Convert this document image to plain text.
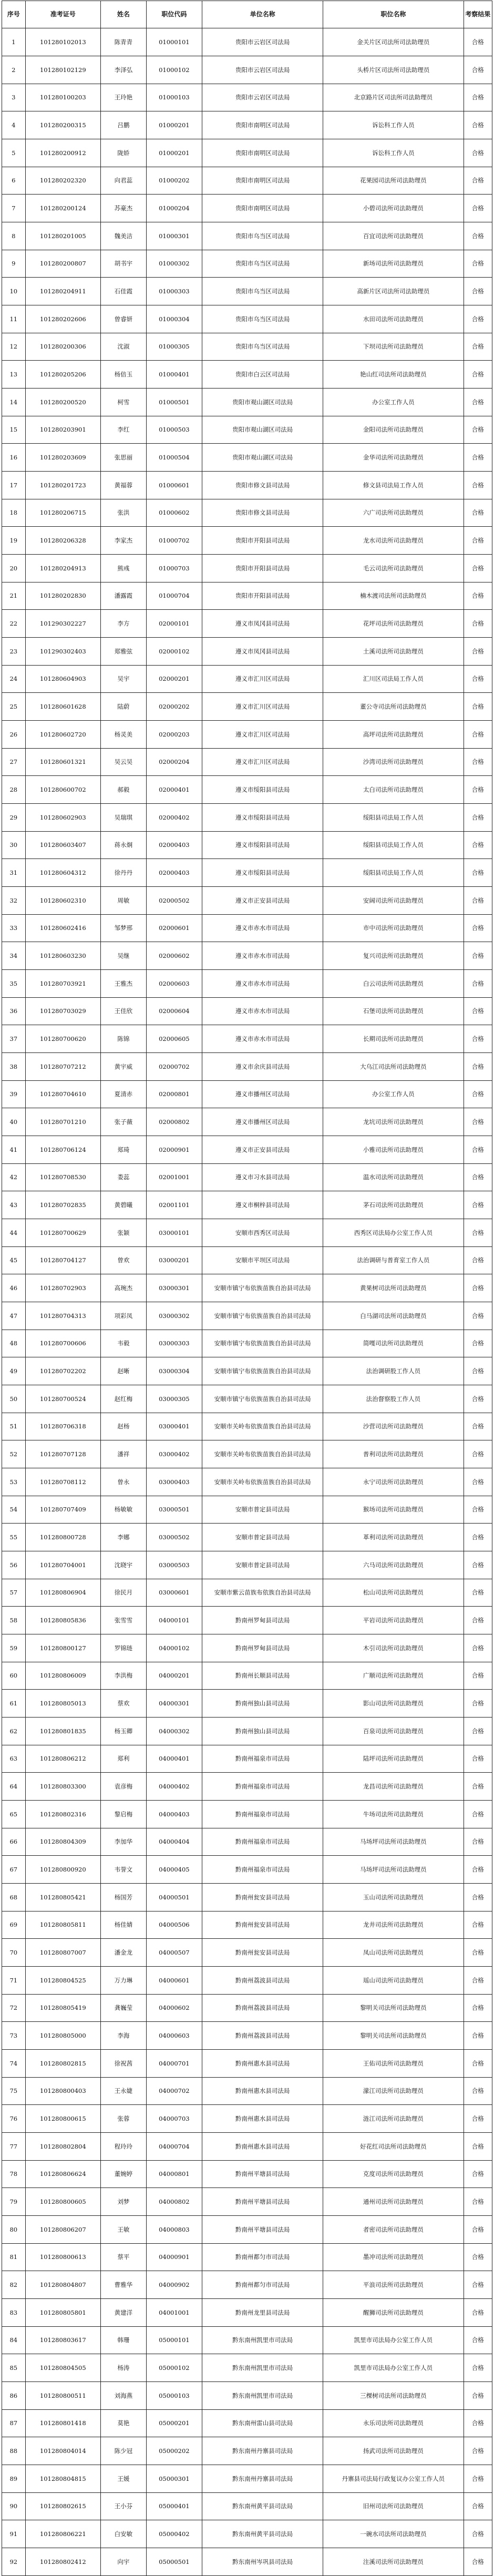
序号	准考证号	姓名	职位代码	单位名称	职位名称	考察结果
1	101280102013	陈青青	01000101	贵阳市云岩区司法局	金关片区司法所司法助理员	合格
2	101280102129	李泽弘	01000102	贵阳市云岩区司法局	头桥片区司法所司法助理员	合格
3	101280100203	王玲艳	01000103	贵阳市云岩区司法局	北京路片区司法所司法助理员	合格
4	101280200315	吕鹏	01000201	贵阳市南明区司法局	诉讼科工作人员	合格
5	101280200912	陇娇	01000201	贵阳市南明区司法局	诉讼科工作人员	合格
6	101280202320	向君蕊	01000202	贵阳市南明区司法局	花果园司法所司法助理员	合格
7	101280200124	苏豪杰	01000204	贵阳市南明区司法局	小碧司法所司法助理员	合格
8	101280201005	魏美洁	01000301	贵阳市乌当区司法局	百宜司法所司法助理员	合格
9	101280200807	胡书宇	01000302	贵阳市乌当区司法局	新场司法所司法助理员	合格
10	101280204911	石佳霞	01000303	贵阳市乌当区司法局	高新片区司法所司法助理员	合格
11	101280202606	曾睿妍	01000304	贵阳市乌当区司法局	水田司法所司法助理员	合格
12	101280200306	沈淑	01000305	贵阳市乌当区司法局	下坝司法所司法助理员	合格
13	101280205206	杨倍玉	01000401	贵阳市白云区司法局	艳山红司法所司法助理员	合格
14	101280200520	柯雪	01000501	贵阳市观山湖区司法局	办公室工作人员	合格
15	101280203901	李红	01000503	贵阳市观山湖区司法局	金阳司法所司法助理员	合格
16	101280203609	张思丽	01000504	贵阳市观山湖区司法局	金华司法所司法助理员	合格
17	101280201723	黄福蓉	01000601	贵阳市修文县司法局	修文县司法局工作人员	合格
18	101280206715	张洪	01000602	贵阳市修文县司法局	六广司法所司法助理员	合格
19	101280206328	李家杰	01000702	贵阳市开阳县司法局	龙水司法所司法助理员	合格
20	101280204913	熊彧	01000703	贵阳市开阳县司法局	毛云司法所司法助理员	合格
21	101280202830	潘露霞	01000704	贵阳市开阳县司法局	楠木渡司法所司法助理员	合格
22	101290302227	李方	02000101	遵义市凤冈县司法局	花坪司法所司法助理员	合格
23	101290302403	郑雅弦	02000102	遵义市凤冈县司法局	土溪司法所司法助理员	合格
24	101280604903	吴宇	02000201	遵义市汇川区司法局	汇川区司法局工作人员	合格
25	101280601628	陆蔚	02000202	遵义市汇川区司法局	董公寺司法所司法助理员	合格
26	101280602720	杨灵美	02000203	遵义市汇川区司法局	高坪司法所司法助理员	合格
27	101280601321	吴云吴	02000204	遵义市汇川区司法局	沙湾司法所司法助理员	合格
28	101280600702	郝毅	02000401	遵义市绥阳县司法局	太白司法所司法助理员	合格
29	101280602903	吴瑞琪	02000402	遵义市绥阳县司法局	绥阳县司法局工作人员	合格
30	101280603407	蒋永炯	02000403	遵义市绥阳县司法局	绥阳县司法局工作人员	合格
31	101280604312	徐丹丹	02000403	遵义市绥阳县司法局	绥阳县司法局工作人员	合格
32	101280602310	周敏	02000502	遵义市正安县司法局	安阔司法所司法助理员	合格
33	101280602416	邹梦邢	02000601	遵义市赤水市司法局	市中司法所司法助理员	合格
34	101280603230	吴继	02000602	遵义市赤水市司法局	复兴司法所司法助理员	合格
35	101280703921	王雅杰	02000603	遵义市赤水市司法局	白云司法所司法助理员	合格
36	101280703029	王佳欣	02000604	遵义市赤水市司法局	石堡司法所司法助理员	合格
37	101280700620	陈锦	02000605	遵义市赤水市司法局	长期司法所司法助理员	合格
38	101280707212	黄宇威	02000702	遵义市余庆县司法局	大乌江司法所司法助理员	合格
39	101280704610	夏清赤	02000801	遵义市播州区司法局	办公室工作人员	合格
40	101280701210	张子薇	02000802	遵义市播州区司法局	龙坑司法所司法助理员	合格
41	101280706124	郑琦	02000901	遵义市正安县司法局	小雅司法所司法助理员	合格
42	101280708530	娄蕊	02001001	遵义市习水县司法局	温水司法所司法助理员	合格
43	101280702835	黄碧曦	02001101	遵义市桐梓县司法局	茅石司法所司法助理员	合格
44	101280700629	张颖	03000101	安顺市西秀区司法局	西秀区司法局办公室工作人员	合格
45	101280704127	曾欢	03000201	安顺市平坝区司法局	法治调研与普育室工作人员	合格
46	101280702903	高琬杰	03000301	安顺市镇宁布依族苗族自治县司法局	黄果树司法所司法助理员	合格
47	101280704313	项彩凤	03000302	安顺市镇宁布依族苗族自治县司法局	白马湖司法所司法助理员	合格
48	101280700606	韦毅	03000303	安顺市镇宁布依族苗族自治县司法局	简嘎司法所司法助理员	合格
49	101280702202	赵晰	03000304	安顺市镇宁布依族苗族自治县司法局	法治调研股工作人员	合格
50	101280700524	赵红梅	03000305	安顺市镇宁布依族苗族自治县司法局	法治督察股工作人员	合格
51	101280706318	赵杨	03000401	安顺市关岭布依族苗族自治县司法局	沙营司法所司法助理员	合格
52	101280707128	潘祥	03000402	安顺市关岭布依族苗族自治县司法局	普利司法所司法助理员	合格
53	101280708112	曾永	03000403	安顺市关岭布依族苗族自治县司法局	永宁司法所司法助理员	合格
54	101280707409	杨敏敏	03000501	安顺市普定县司法局	猴场司法所司法助理员	合格
55	101280800728	李娜	03000502	安顺市普定县司法局	革利司法所司法助理员	合格
56	101280704001	沈晓宇	03000503	安顺市普定县司法局	六马司法所司法助理员	合格
57	101280806904	徐民月	03000601	安顺市紫云苗族布依族自治县司法局	松山司法所司法助理员	合格
58	101280805836	张雪雪	04000101	黔南州罗甸县司法局	平岩司法所司法助理员	合格
59	101280800127	罗锦琏	04000102	黔南州罗甸县司法局	木引司法所司法助理员	合格
60	101280806009	李洪梅	04000201	黔南州长顺县司法局	广顺司法所司法助理员	合格
61	101280805013	蔡欢	04000301	黔南州独山县司法局	影山司法所司法助理员	合格
62	101280801835	杨玉卿	04000302	黔南州独山县司法局	百泉司法所司法助理员	合格
63	101280806212	郑利	04000401	黔南州福泉市司法局	陆坪司法所司法助理员	合格
64	101280803300	袁彦梅	04000402	黔南州福泉市司法局	龙昌司法所司法助理员	合格
65	101280802316	黎启梅	04000403	黔南州福泉市司法局	牛场司法所司法助理员	合格
66	101280804309	李加华	04000404	黔南州福泉市司法局	马场坪司法所司法助理员	合格
67	101280800920	韦誉文	04000405	黔南州福泉市司法局	马场坪司法所司法助理员	合格
68	101280805421	杨国芳	04000501	黔南州瓮安县司法局	玉山司法所司法助理员	合格
69	101280805811	杨佳婧	04000506	黔南州瓮安县司法局	龙井司法所司法助理员	合格
70	101280807007	潘金龙	04000507	黔南州瓮安县司法局	凤山司法所司法助理员	合格
71	101280804525	万力琳	04000601	黔南州荔波县司法局	瑶山司法所司法助理员	合格
72	101280805419	龚巍莹	04000602	黔南州荔波县司法局	黎明关司法所司法助理员	合格
73	101280805000	李海	04000603	黔南州荔波县司法局	黎明关司法所司法助理员	合格
74	101280802815	徐祝茜	04000701	黔南州惠水县司法局	王佑司法所司法助理员	合格
75	101280800403	王永婕	04000702	黔南州惠水县司法局	濛江司法所司法助理员	合格
76	101280800615	张蓉	04000703	黔南州惠水县司法局	涟江司法所司法助理员	合格
77	101280802804	程玲玲	04000704	黔南州惠水县司法局	好花红司法所司法助理员	合格
78	101280806624	董婉婷	04000801	黔南州平塘县司法局	克度司法所司法助理员	合格
79	101280800605	刘梦	04000802	黔南州平塘县司法局	通州司法所司法助理员	合格
80	101280806207	王敏	04000803	黔南州平塘县司法局	者密司法所司法助理员	合格
81	101280800613	蔡平	04000901	黔南州都匀市司法局	墨冲司法所司法助理员	合格
82	101280804807	曹雅华	04000902	黔南州都匀市司法局	平浪司法所司法助理员	合格
83	101280805801	黄建洋	04001001	黔南州龙里县司法局	醒狮司法所司法助理员	合格
84	101280803617	韩珊	05000101	黔东南州凯里市司法局	凯里市司法局办公室工作人员	合格
85	101280804505	杨涛	05000102	黔东南州凯里市司法局	凯里市司法局办公室工作人员	合格
86	101280800511	刘海燕	05000103	黔东南州凯里市司法局	三棵树司法所司法助理员	合格
87	101280801418	莫艳	05000201	黔东南州雷山县司法局	永乐司法所司法助理员	合格
88	101280804014	陈少冠	05000202	黔东南州丹寨县司法局	扬武司法所司法助理员	合格
89	101280804815	王媛	05000301	黔东南州丹寨县司法局	丹寨县司法局行政复议办公室工作人员	合格
90	101280802615	王小芬	05000401	黔东南州黄平县司法局	旧州司法所司法助理员	合格
91	101280806221	白安敏	05000402	黔东南州黄平县司法局	一碗水司法所司法助理员	合格
92	101280802412	向宇	05000501	黔东南州岑巩县司法局	注溪司法所司法助理员	合格
